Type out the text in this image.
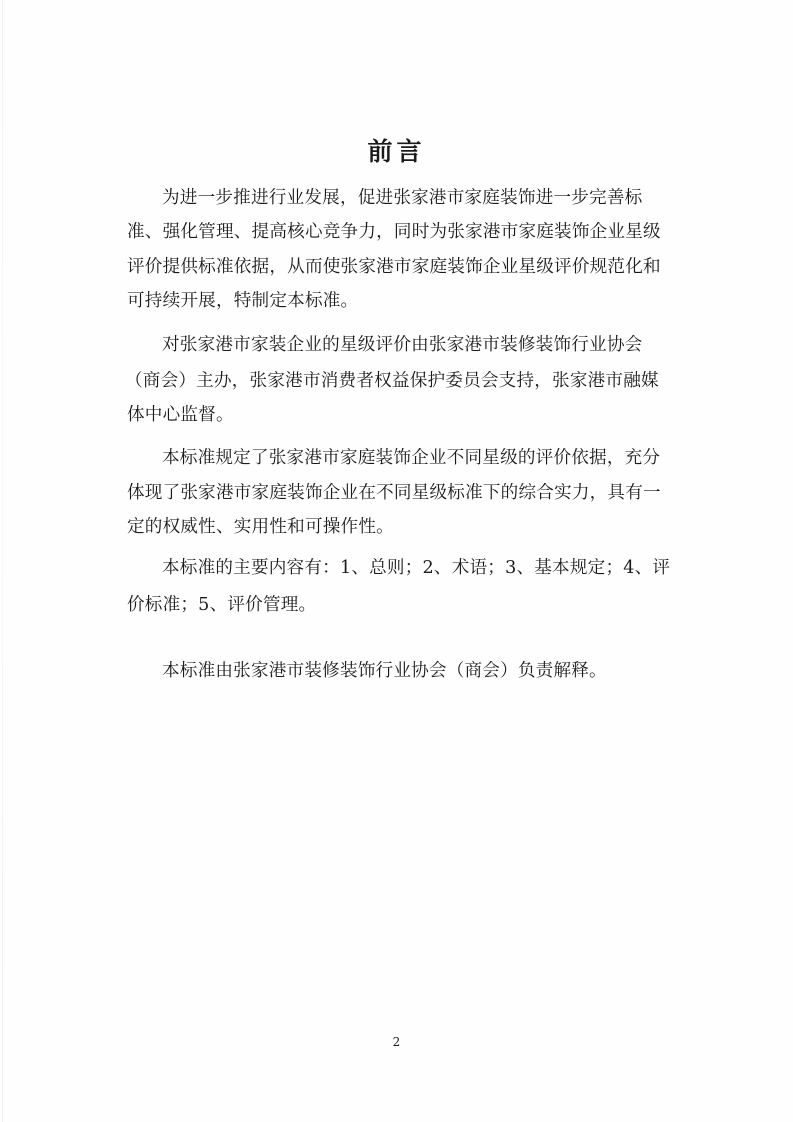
前言
为进一步推进行业发展，促进张家港市家庭装饰进一步完善标
准、强化管理、提高核心竞争力，同时为张家港市家庭装饰企业星级
评价提供标准依据，从而使张家港市家庭装饰企业星级评价规范化和
可持续开展，特制定本标准。
对张家港市家装企业的星级评价由张家港市装修装饰行业协会
（商会）主办，张家港市消费者权益保护委员会支持，张家港市融媒
体中心监督。
本标准规定了张家港市家庭装饰企业不同星级的评价依据，充分
体现了张家港市家庭装饰企业在不同星级标准下的综合实力，具有一
定的权威性、实用性和可操作性。
本标准的主要内容有：1、总则；2、术语；3、基本规定；4、评
价标准；5、评价管理。
本标准由张家港市装修装饰行业协会（商会）负责解释。
2
